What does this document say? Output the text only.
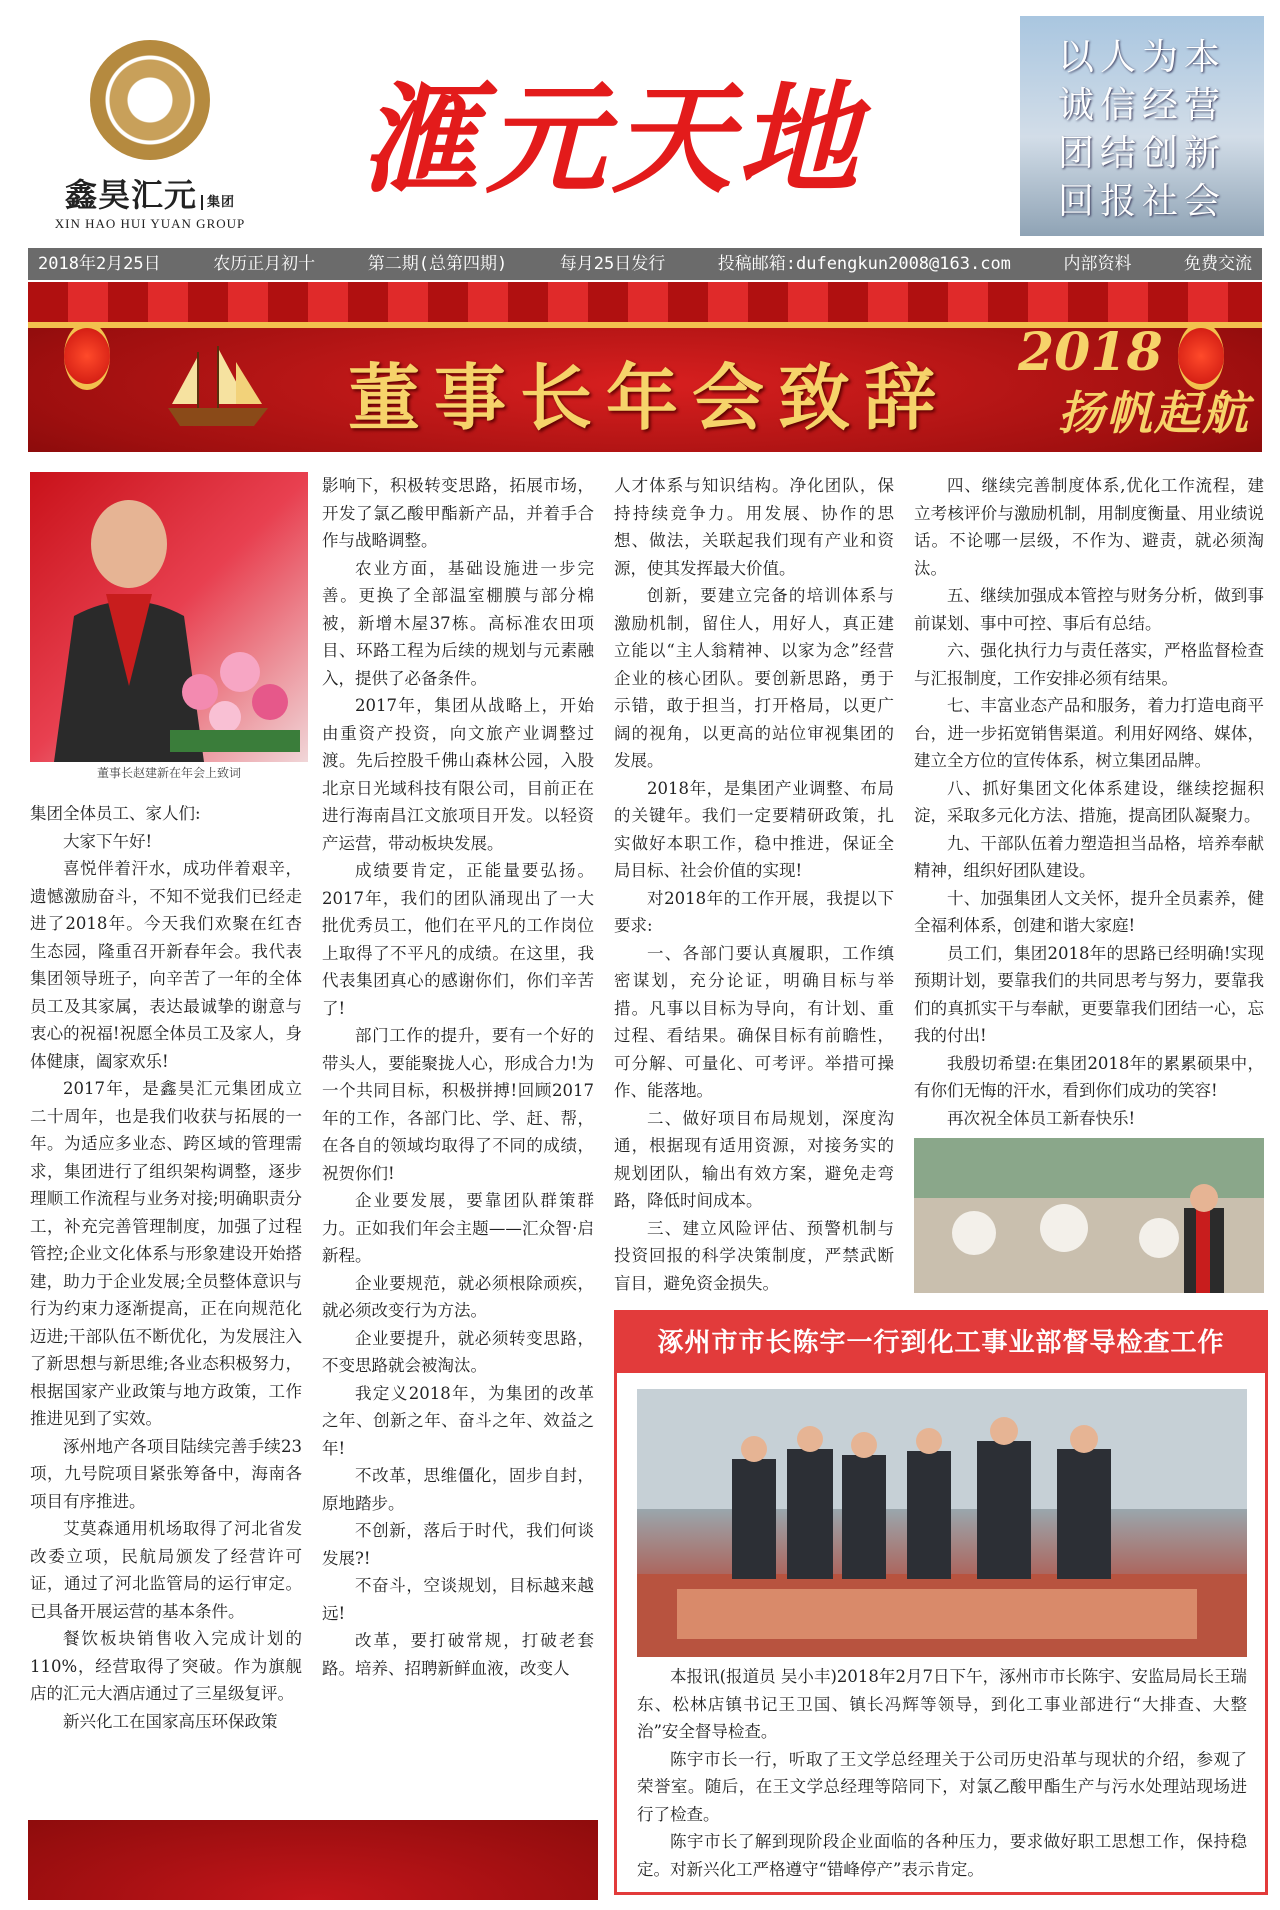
鑫昊汇元 集团
XIN HAO HUI YUAN GROUP
滙元天地
以人为本
诚信经营
团结创新
回报社会
2018年2月25日	农历正月初十	第二期(总第四期)	每月25日发行	投稿邮箱:dufengkun2008@163.com	内部资料	免费交流
董事长年会致辞
2018
扬帆起航
董事长赵建新在年会上致词

集团全体员工、家人们:

大家下午好!

喜悦伴着汗水，成功伴着艰辛，遗憾激励奋斗，不知不觉我们已经走进了2018年。今天我们欢聚在红杏生态园，隆重召开新春年会。我代表集团领导班子，向辛苦了一年的全体员工及其家属，表达最诚挚的谢意与衷心的祝福!祝愿全体员工及家人，身体健康，阖家欢乐!

2017年，是鑫昊汇元集团成立二十周年，也是我们收获与拓展的一年。为适应多业态、跨区域的管理需求，集团进行了组织架构调整，逐步理顺工作流程与业务对接;明确职责分工，补充完善管理制度，加强了过程管控;企业文化体系与形象建设开始搭建，助力于企业发展;全员整体意识与行为约束力逐渐提高，正在向规范化迈进;干部队伍不断优化，为发展注入了新思想与新思维;各业态积极努力，根据国家产业政策与地方政策，工作推进见到了实效。

涿州地产各项目陆续完善手续23项，九号院项目紧张筹备中，海南各项目有序推进。

艾莫森通用机场取得了河北省发改委立项，民航局颁发了经营许可证，通过了河北监管局的运行审定。已具备开展运营的基本条件。

餐饮板块销售收入完成计划的110%，经营取得了突破。作为旗舰店的汇元大酒店通过了三星级复评。

新兴化工在国家高压环保政策

影响下，积极转变思路，拓展市场，开发了氯乙酸甲酯新产品，并着手合作与战略调整。

农业方面，基础设施进一步完善。更换了全部温室棚膜与部分棉被，新增木屋37栋。高标准农田项目、环路工程为后续的规划与元素融入，提供了必备条件。

2017年，集团从战略上，开始由重资产投资，向文旅产业调整过渡。先后控股千佛山森林公园，入股北京日光域科技有限公司，目前正在进行海南昌江文旅项目开发。以轻资产运营，带动板块发展。

成绩要肯定，正能量要弘扬。2017年，我们的团队涌现出了一大批优秀员工，他们在平凡的工作岗位上取得了不平凡的成绩。在这里，我代表集团真心的感谢你们，你们辛苦了!

部门工作的提升，要有一个好的带头人，要能聚拢人心，形成合力!为一个共同目标，积极拼搏!回顾2017年的工作，各部门比、学、赶、帮，在各自的领域均取得了不同的成绩，祝贺你们!

企业要发展，要靠团队群策群力。正如我们年会主题——汇众智·启新程。

企业要规范，就必须根除顽疾，就必须改变行为方法。

企业要提升，就必须转变思路，不变思路就会被淘汰。

我定义2018年，为集团的改革之年、创新之年、奋斗之年、效益之年!

不改革，思维僵化，固步自封，原地踏步。

不创新，落后于时代，我们何谈发展?!

不奋斗，空谈规划，目标越来越远!

改革，要打破常规，打破老套路。培养、招聘新鲜血液，改变人

人才体系与知识结构。净化团队，保持持续竞争力。用发展、协作的思想、做法，关联起我们现有产业和资源，使其发挥最大价值。

创新，要建立完备的培训体系与激励机制，留住人，用好人，真正建立能以“主人翁精神、以家为念”经营企业的核心团队。要创新思路，勇于示错，敢于担当，打开格局，以更广阔的视角，以更高的站位审视集团的发展。

2018年，是集团产业调整、布局的关键年。我们一定要精研政策，扎实做好本职工作，稳中推进，保证全局目标、社会价值的实现!

对2018年的工作开展，我提以下要求:

一、各部门要认真履职，工作缜密谋划，充分论证，明确目标与举措。凡事以目标为导向，有计划、重过程、看结果。确保目标有前瞻性，可分解、可量化、可考评。举措可操作、能落地。

二、做好项目布局规划，深度沟通，根据现有适用资源，对接务实的规划团队，输出有效方案，避免走弯路，降低时间成本。

三、建立风险评估、预警机制与投资回报的科学决策制度，严禁武断盲目，避免资金损失。

四、继续完善制度体系,优化工作流程，建立考核评价与激励机制，用制度衡量、用业绩说话。不论哪一层级，不作为、避责，就必须淘汰。

五、继续加强成本管控与财务分析，做到事前谋划、事中可控、事后有总结。

六、强化执行力与责任落实，严格监督检查与汇报制度，工作安排必须有结果。

七、丰富业态产品和服务，着力打造电商平台，进一步拓宽销售渠道。利用好网络、媒体，建立全方位的宣传体系，树立集团品牌。

八、抓好集团文化体系建设，继续挖掘积淀，采取多元化方法、措施，提高团队凝聚力。

九、干部队伍着力塑造担当品格，培养奉献精神，组织好团队建设。

十、加强集团人文关怀，提升全员素养，健全福利体系，创建和谐大家庭!

员工们，集团2018年的思路已经明确!实现预期计划，要靠我们的共同思考与努力，要靠我们的真抓实干与奉献，更要靠我们团结一心，忘我的付出!

我殷切希望:在集团2018年的累累硕果中，有你们无悔的汗水，看到你们成功的笑容!

再次祝全体员工新春快乐!

涿州市市长陈宇一行到化工事业部督导检查工作

本报讯(报道员 吴小丰)2018年2月7日下午，涿州市市长陈宇、安监局局长王瑞东、松林店镇书记王卫国、镇长冯辉等领导，到化工事业部进行“大排查、大整治”安全督导检查。

陈宇市长一行，听取了王文学总经理关于公司历史沿革与现状的介绍，参观了荣誉室。随后，在王文学总经理等陪同下，对氯乙酸甲酯生产与污水处理站现场进行了检查。

陈宇市长了解到现阶段企业面临的各种压力，要求做好职工思想工作，保持稳定。对新兴化工严格遵守“错峰停产”表示肯定。
